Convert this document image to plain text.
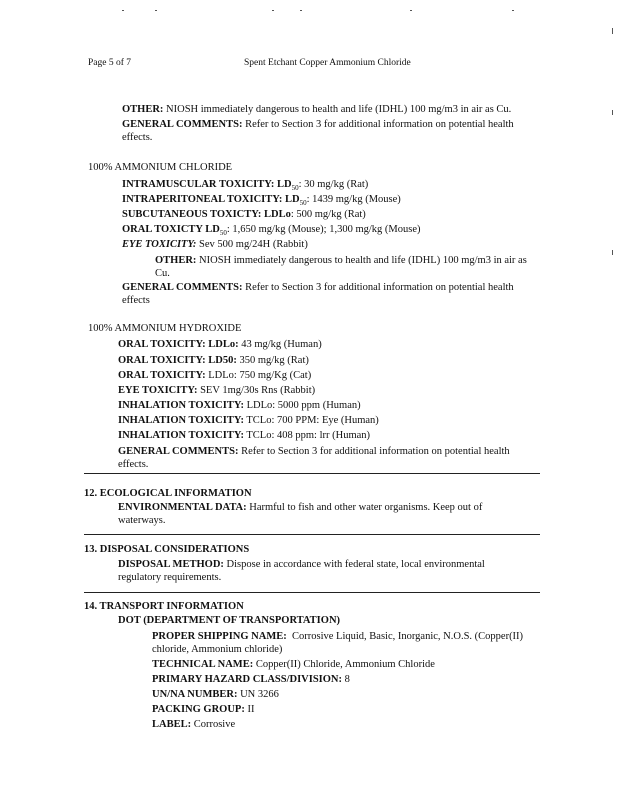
Page 5 of 7	Spent Etchant Copper Ammonium Chloride
OTHER: NIOSH immediately dangerous to health and life (IDHL) 100 mg/m3 in air as Cu.
GENERAL COMMENTS: Refer to Section 3 for additional information on potential health
effects.
100% AMMONIUM CHLORIDE
INTRAMUSCULAR TOXICITY: $LD_{50}$: 30 mg/kg (Rat)
INTRAPERITONEAL TOXICITY: $LD_{50}$: 1439 mg/kg (Mouse)
SUBCUTANEOUS TOXICTY: LDLo: 500 mg/kg (Rat)
ORAL TOXICTY $LD_{50}$: 1,650 mg/kg (Mouse); 1,300 mg/kg (Mouse)
EYE TOXICITY: Sev 500 mg/24H (Rabbit)
OTHER: NIOSH immediately dangerous to health and life (IDHL) 100 mg/m3 in air as
Cu.
GENERAL COMMENTS: Refer to Section 3 for additional information on potential health
effects
100% AMMONIUM HYDROXIDE
ORAL TOXICITY: LDLo: 43 mg/kg (Human)
ORAL TOXICITY: LD50: 350 mg/kg (Rat)
ORAL TOXICITY: LDLo: 750 mg/Kg (Cat)
EYE TOXICITY: SEV 1mg/30s Rns (Rabbit)
INHALATION TOXICITY: LDLo: 5000 ppm (Human)
INHALATION TOXICITY: TCLo: 700 PPM: Eye (Human)
INHALATION TOXICITY: TCLo: 408 ppm: lrr (Human)
GENERAL COMMENTS: Refer to Section 3 for additional information on potential health
effects.
12. ECOLOGICAL INFORMATION
ENVIRONMENTAL DATA: Harmful to fish and other water organisms. Keep out of
waterways.
13. DISPOSAL CONSIDERATIONS
DISPOSAL METHOD: Dispose in accordance with federal state, local environmental
regulatory requirements.
14. TRANSPORT INFORMATION
DOT (DEPARTMENT OF TRANSPORTATION)
PROPER SHIPPING NAME: Corrosive Liquid, Basic, Inorganic, N.O.S. (Copper(II)
chloride, Ammonium chloride)
TECHNICAL NAME: Copper(II) Chloride, Ammonium Chloride
PRIMARY HAZARD CLASS/DIVISION: 8
UN/NA NUMBER: UN 3266
PACKING GROUP: II
LABEL: Corrosive
